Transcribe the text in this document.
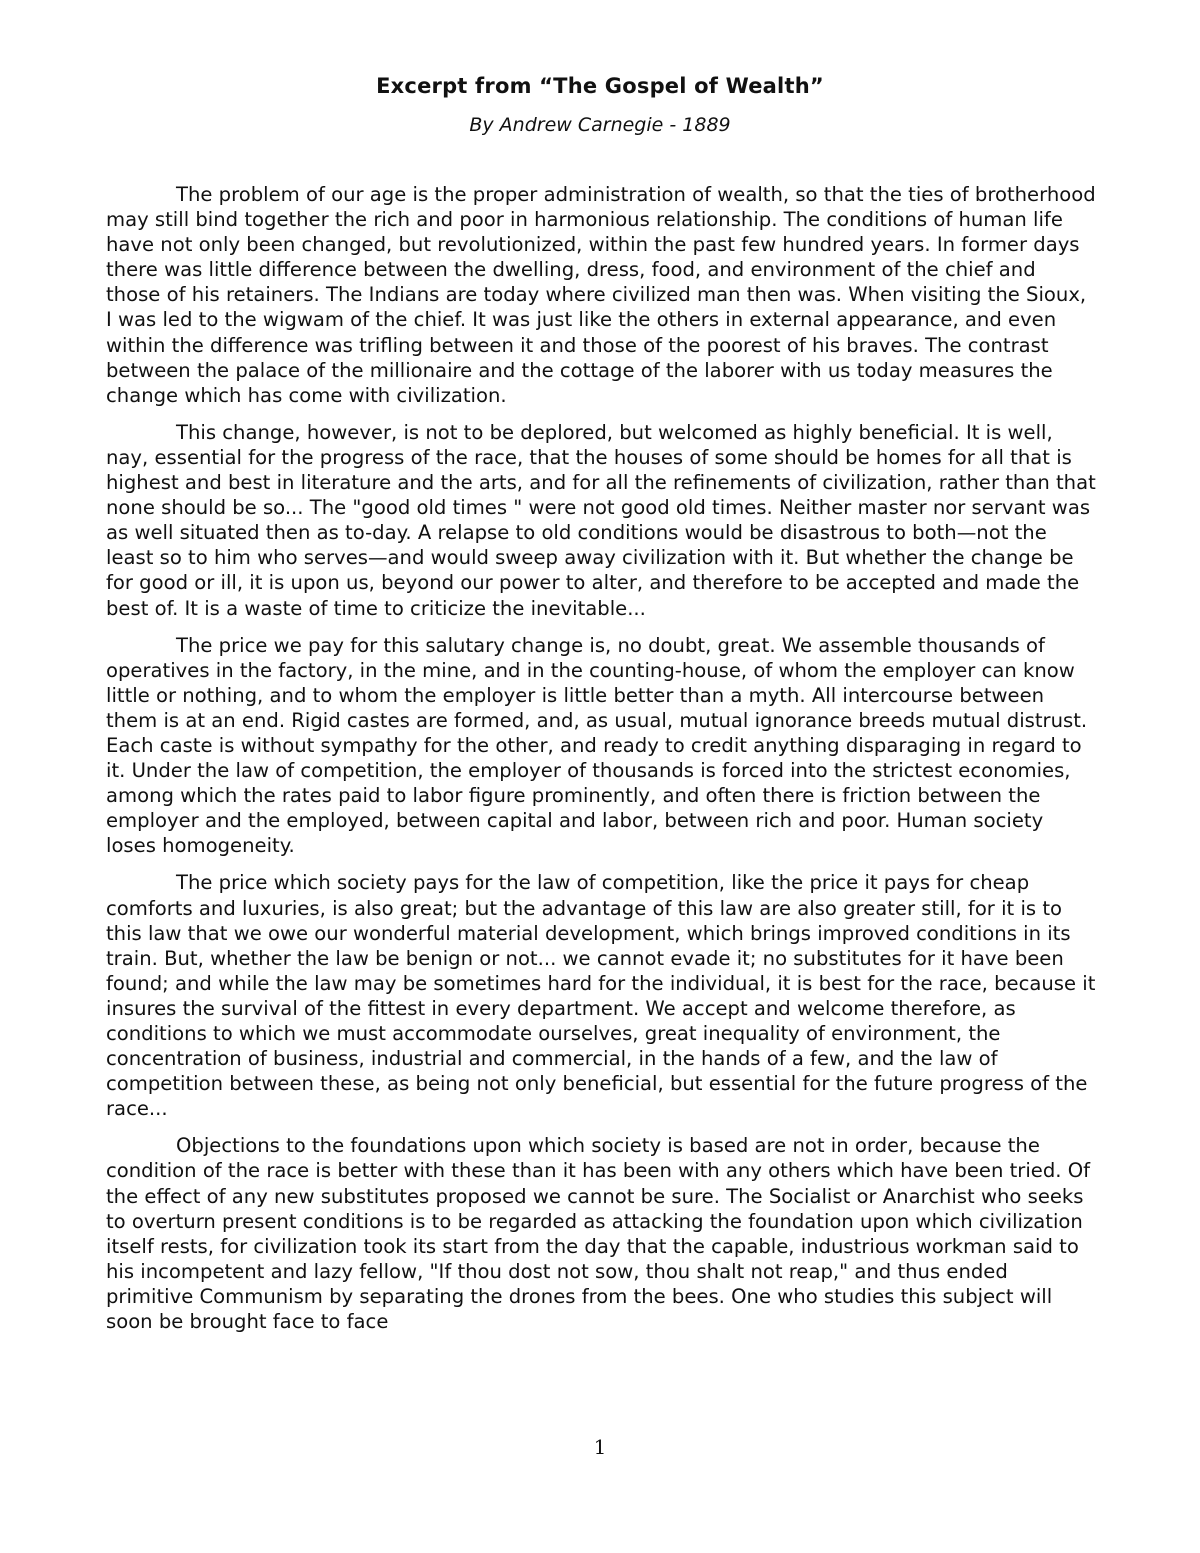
Excerpt from “The Gospel of Wealth”

By Andrew Carnegie - 1889

The problem of our age is the proper administration of wealth, so that the ties of brotherhood may still bind together the rich and poor in harmonious relationship. The conditions of human life have not only been changed, but revolutionized, within the past few hundred years. In former days there was little difference between the dwelling, dress, food, and environment of the chief and those of his retainers. The Indians are today where civilized man then was. When visiting the Sioux, I was led to the wigwam of the chief. It was just like the others in external appearance, and even within the difference was trifling between it and those of the poorest of his braves. The contrast between the palace of the millionaire and the cottage of the laborer with us today measures the change which has come with civilization.

This change, however, is not to be deplored, but welcomed as highly beneficial. It is well, nay, essential for the progress of the race, that the houses of some should be homes for all that is highest and best in literature and the arts, and for all the refinements of civilization, rather than that none should be so... The "good old times " were not good old times. Neither master nor servant was as well situated then as to-day. A relapse to old conditions would be disastrous to both—not the least so to him who serves—and would sweep away civilization with it. But whether the change be for good or ill, it is upon us, beyond our power to alter, and therefore to be accepted and made the best of. It is a waste of time to criticize the inevitable...

The price we pay for this salutary change is, no doubt, great. We assemble thousands of operatives in the factory, in the mine, and in the counting-house, of whom the employer can know little or nothing, and to whom the employer is little better than a myth. All intercourse between them is at an end. Rigid castes are formed, and, as usual, mutual ignorance breeds mutual distrust. Each caste is without sympathy for the other, and ready to credit anything disparaging in regard to it. Under the law of competition, the employer of thousands is forced into the strictest economies, among which the rates paid to labor figure prominently, and often there is friction between the employer and the employed, between capital and labor, between rich and poor. Human society loses homogeneity.

The price which society pays for the law of competition, like the price it pays for cheap comforts and luxuries, is also great; but the advantage of this law are also greater still, for it is to this law that we owe our wonderful material development, which brings improved conditions in its train. But, whether the law be benign or not... we cannot evade it; no substitutes for it have been found; and while the law may be sometimes hard for the individual, it is best for the race, because it insures the survival of the fittest in every department. We accept and welcome therefore, as conditions to which we must accommodate ourselves, great inequality of environment, the concentration of business, industrial and commercial, in the hands of a few, and the law of competition between these, as being not only beneficial, but essential for the future progress of the race...

Objections to the foundations upon which society is based are not in order, because the condition of the race is better with these than it has been with any others which have been tried. Of the effect of any new substitutes proposed we cannot be sure. The Socialist or Anarchist who seeks to overturn present conditions is to be regarded as attacking the foundation upon which civilization itself rests, for civilization took its start from the day that the capable, industrious workman said to his incompetent and lazy fellow, "If thou dost not sow, thou shalt not reap," and thus ended primitive Communism by separating the drones from the bees. One who studies this subject will soon be brought face to face

1
